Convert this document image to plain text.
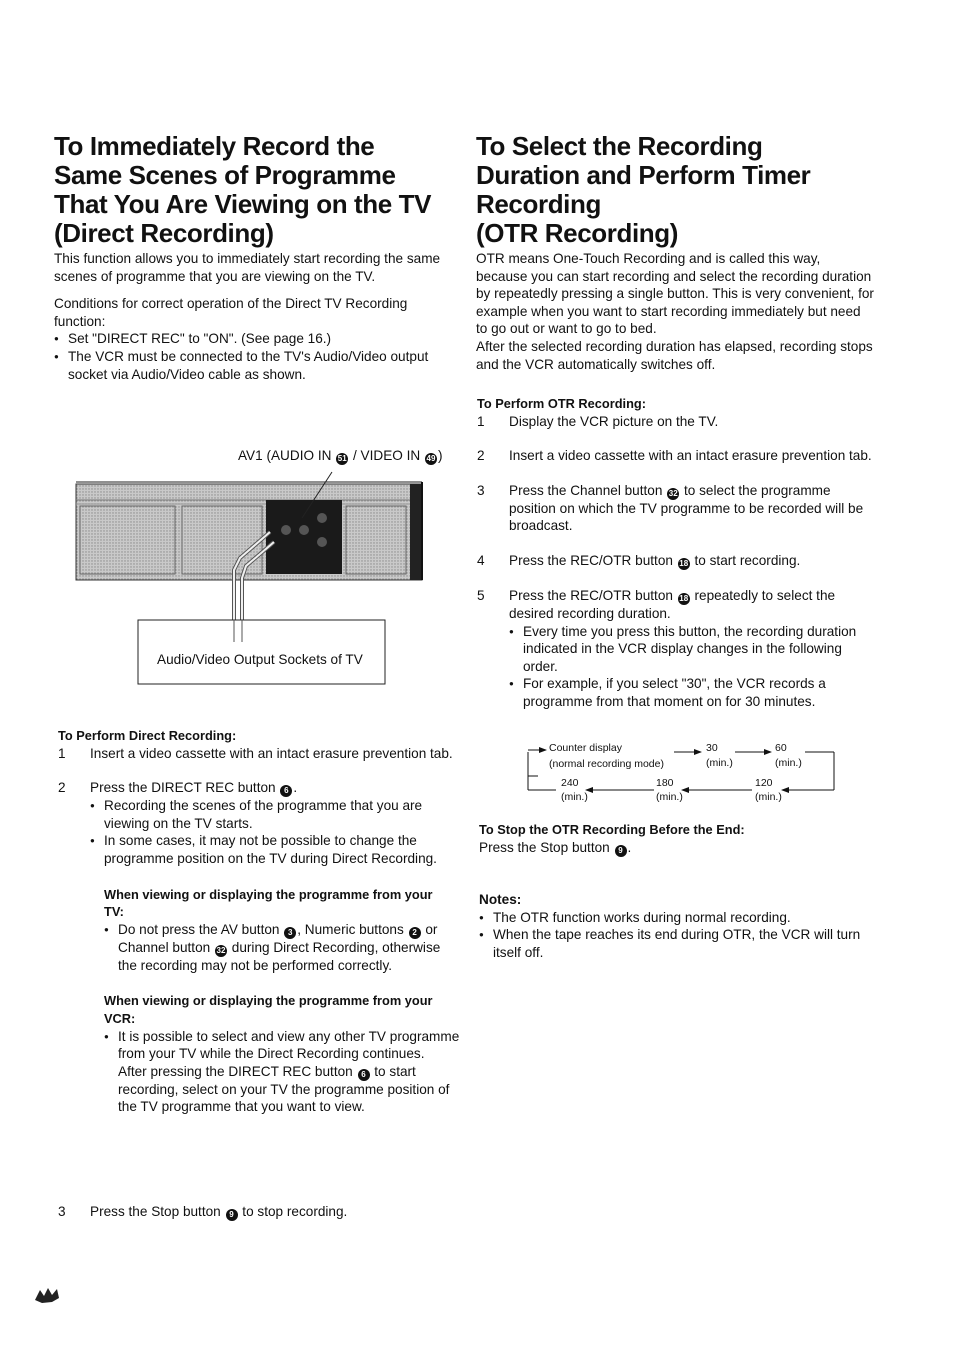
To Immediately Record the
Same Scenes of Programme
That You Are Viewing on the TV
(Direct Recording)
To Select the Recording
Duration and Perform Timer
Recording
(OTR Recording)

This function allows you to immediately start recording the same scenes of programme that you are viewing on the TV.

Conditions for correct operation of the Direct TV Recording function:

● Set "DIRECT REC" to "ON". (See page 16.)
● The VCR must be connected to the TV's Audio/Video output socket via Audio/Video cable as shown.
AV1 (AUDIO IN 51 / VIDEO IN 49 )
Audio/Video Output Sockets of TV
To Perform Direct Recording:
1 Insert a video cassette with an intact erasure prevention tab.
2 Press the DIRECT REC button 6 .
● Recording the scenes of the programme that you are viewing on the TV starts.
● In some cases, it may not be possible to change the programme position on the TV during Direct Recording.
When viewing or displaying the programme from your TV:
● Do not press the AV button 3 , Numeric buttons 2 or Channel button 32 during Direct Recording, otherwise the recording may not be performed correctly.
When viewing or displaying the programme from your VCR:
● It is possible to select and view any other TV programme from your TV while the Direct Recording continues.
After pressing the DIRECT REC button 6 to start recording, select on your TV the programme position of the TV programme that you want to view.
3 Press the Stop button 9 to stop recording.

OTR means One-Touch Recording and is called this way, because you can start recording and select the recording duration by repeatedly pressing a single button. This is very convenient, for example when you want to start recording immediately but need to go out or want to go to bed.

After the selected recording duration has elapsed, recording stops and the VCR automatically switches off.

To Perform OTR Recording:
1 Display the VCR picture on the TV.
2 Insert a video cassette with an intact erasure prevention tab.
3 Press the Channel button 32 to select the programme position on which the TV programme to be recorded will be broadcast.
4 Press the REC/OTR button 18 to start recording.
5 Press the REC/OTR button 18 repeatedly to select the desired recording duration.
● Every time you press this button, the recording duration indicated in the VCR display changes in the following order.
● For example, if you select "30", the VCR records a programme from that moment on for 30 minutes.
Counter display
(normal recording mode)
30
(min.)
60
(min.)
240
(min.)
180
(min.)
120
(min.)
To Stop the OTR Recording Before the End:
Press the Stop button 9 .
Notes:
● The OTR function works during normal recording.
● When the tape reaches its end during OTR, the VCR will turn itself off.
